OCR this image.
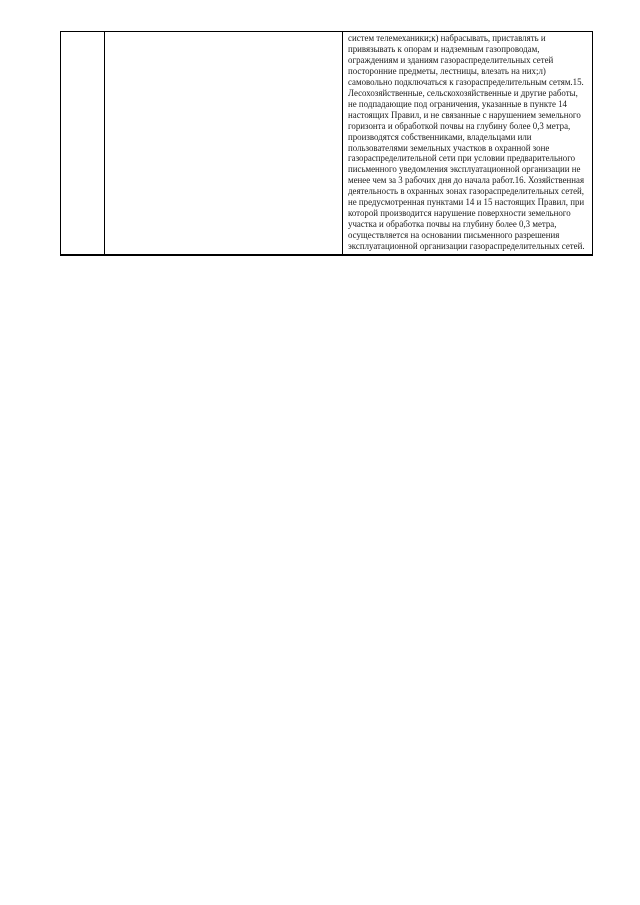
систем телемеханики;к) набрасывать, приставлять и привязывать к опорам и надземным газопроводам, ограждениям и зданиям газораспределительных сетей посторонние предметы, лестницы, влезать на них;л) самовольно подключаться к газораспределительным сетям.15. Лесохозяйственные, сельскохозяйственные и другие работы, не подпадающие под ограничения, указанные в пункте 14 настоящих Правил, и не связанные с нарушением земельного горизонта и обработкой почвы на глубину более 0,3 метра, производятся собственниками, владельцами или пользователями земельных участков в охранной зоне газораспределительной сети при условии предварительного письменного уведомления эксплуатационной организации не менее чем за 3 рабочих дня до начала работ.16. Хозяйственная деятельность в охранных зонах газораспределительных сетей, не предусмотренная пунктами 14 и 15 настоящих Правил, при которой производится нарушение поверхности земельного участка и обработка почвы на глубину более 0,3 метра, осуществляется на основании письменного разрешения эксплуатационной организации газораспределительных сетей.
